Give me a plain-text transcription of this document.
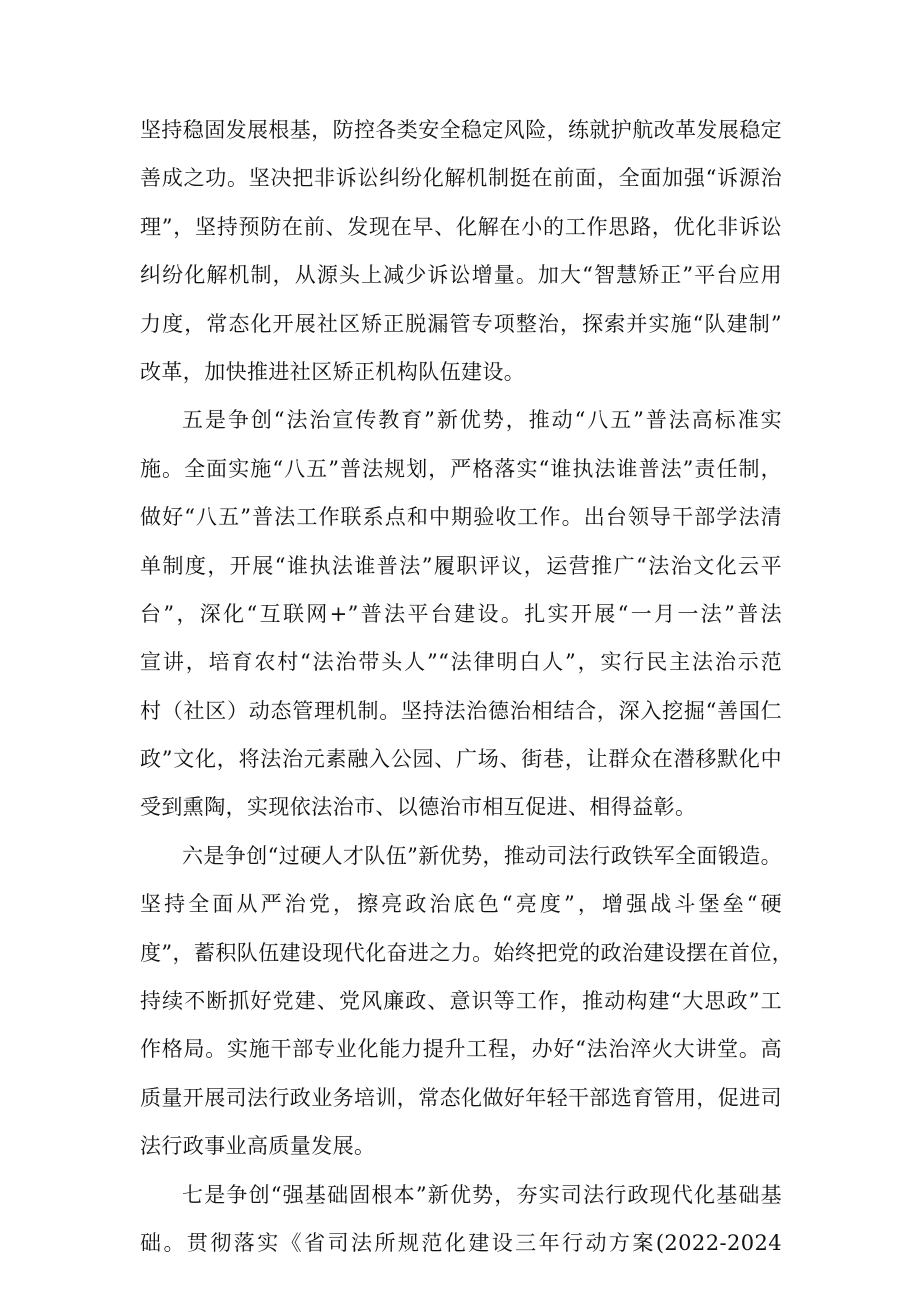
坚持稳固发展根基，防控各类安全稳定风险，练就护航改革发展稳定
善成之功。坚决把非诉讼纠纷化解机制挺在前面，全面加强“诉源治
理”，坚持预防在前、发现在早、化解在小的工作思路，优化非诉讼
纠纷化解机制，从源头上减少诉讼增量。加大“智慧矫正”平台应用
力度，常态化开展社区矫正脱漏管专项整治，探索并实施“队建制”
改革，加快推进社区矫正机构队伍建设。
五是争创“法治宣传教育”新优势，推动“八五”普法高标准实
施。全面实施“八五”普法规划，严格落实“谁执法谁普法”责任制，
做好“八五”普法工作联系点和中期验收工作。出台领导干部学法清
单制度，开展“谁执法谁普法”履职评议，运营推广“法治文化云平
台”，深化“互联网+”普法平台建设。扎实开展“一月一法”普法
宣讲，培育农村“法治带头人”“法律明白人”，实行民主法治示范
村（社区）动态管理机制。坚持法治德治相结合，深入挖掘“善国仁
政”文化，将法治元素融入公园、广场、街巷，让群众在潜移默化中
受到熏陶，实现依法治市、以德治市相互促进、相得益彰。
六是争创“过硬人才队伍”新优势，推动司法行政铁军全面锻造。
坚持全面从严治党，擦亮政治底色“亮度”，增强战斗堡垒“硬
度”，蓄积队伍建设现代化奋进之力。始终把党的政治建设摆在首位，
持续不断抓好党建、党风廉政、意识等工作，推动构建“大思政”工
作格局。实施干部专业化能力提升工程，办好“法治淬火大讲堂。高
质量开展司法行政业务培训，常态化做好年轻干部选育管用，促进司
法行政事业高质量发展。
七是争创“强基础固根本”新优势，夯实司法行政现代化基础基
础。贯彻落实《省司法所规范化建设三年行动方案(2022-2024
